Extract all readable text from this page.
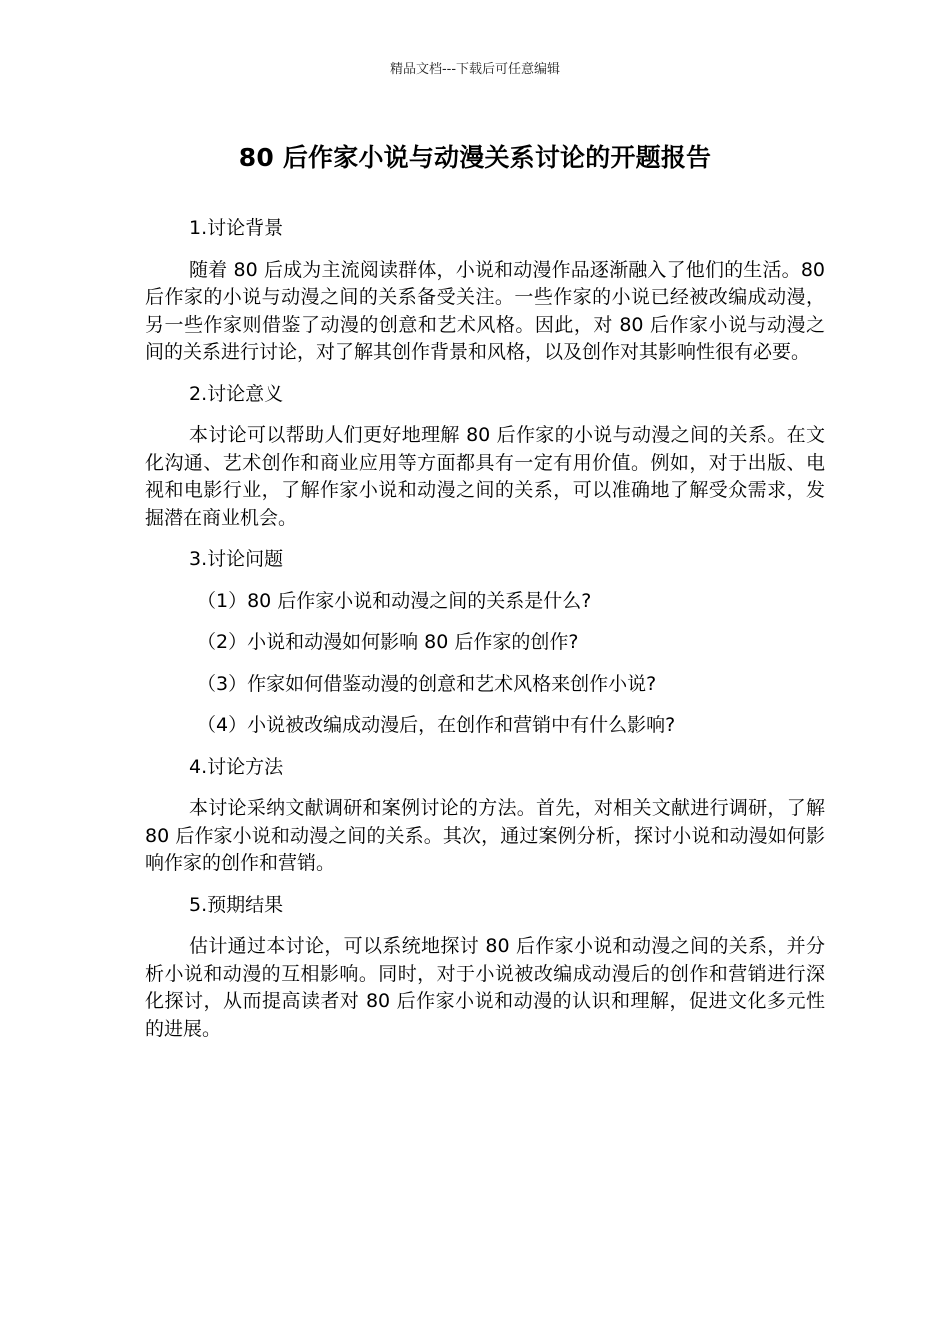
精品文档---下载后可任意编辑
80 后作家小说与动漫关系讨论的开题报告
1.讨论背景

随着 80 后成为主流阅读群体，小说和动漫作品逐渐融入了他们的生活。80 后作家的小说与动漫之间的关系备受关注。一些作家的小说已经被改编成动漫，另一些作家则借鉴了动漫的创意和艺术风格。因此，对 80 后作家小说与动漫之间的关系进行讨论，对了解其创作背景和风格，以及创作对其影响性很有必要。

2.讨论意义

本讨论可以帮助人们更好地理解 80 后作家的小说与动漫之间的关系。在文化沟通、艺术创作和商业应用等方面都具有一定有用价值。例如，对于出版、电视和电影行业，了解作家小说和动漫之间的关系，可以准确地了解受众需求，发掘潜在商业机会。

3.讨论问题
（1）80 后作家小说和动漫之间的关系是什么?
（2）小说和动漫如何影响 80 后作家的创作?
（3）作家如何借鉴动漫的创意和艺术风格来创作小说?
（4）小说被改编成动漫后，在创作和营销中有什么影响?
4.讨论方法

本讨论采纳文献调研和案例讨论的方法。首先，对相关文献进行调研，了解 80 后作家小说和动漫之间的关系。其次，通过案例分析，探讨小说和动漫如何影响作家的创作和营销。

5.预期结果

估计通过本讨论，可以系统地探讨 80 后作家小说和动漫之间的关系，并分析小说和动漫的互相影响。同时，对于小说被改编成动漫后的创作和营销进行深化探讨，从而提高读者对 80 后作家小说和动漫的认识和理解，促进文化多元性的进展。
